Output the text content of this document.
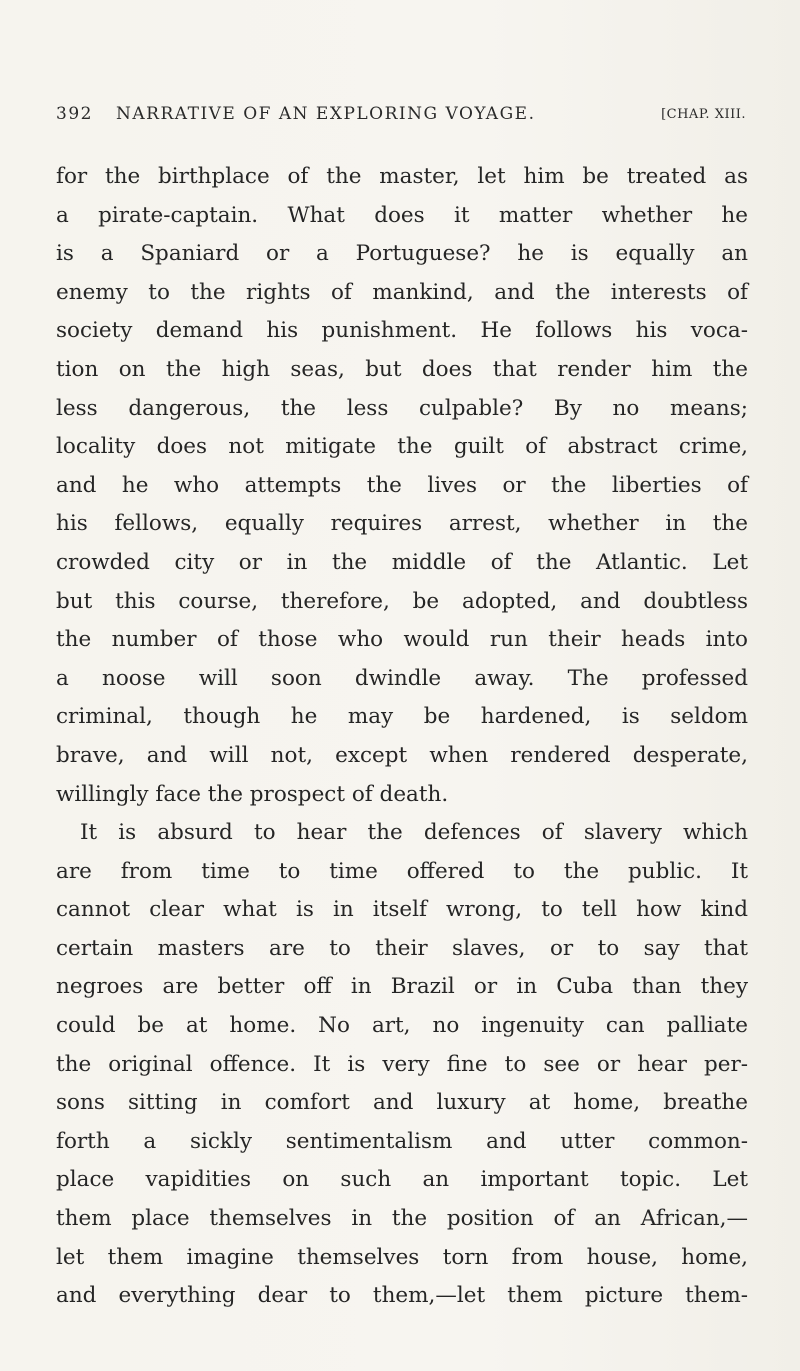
392 NARRATIVE OF AN EXPLORING VOYAGE.	[CHAP. XIII.
for the birthplace of the master, let him be treated as
a pirate-captain. What does it matter whether he
is a Spaniard or a Portuguese? he is equally an
enemy to the rights of mankind, and the interests of
society demand his punishment. He follows his voca-
tion on the high seas, but does that render him the
less dangerous, the less culpable? By no means;
locality does not mitigate the guilt of abstract crime,
and he who attempts the lives or the liberties of
his fellows, equally requires arrest, whether in the
crowded city or in the middle of the Atlantic. Let
but this course, therefore, be adopted, and doubtless
the number of those who would run their heads into
a noose will soon dwindle away. The professed
criminal, though he may be hardened, is seldom
brave, and will not, except when rendered desperate,
willingly face the prospect of death.
It is absurd to hear the defences of slavery which
are from time to time offered to the public. It
cannot clear what is in itself wrong, to tell how kind
certain masters are to their slaves, or to say that
negroes are better off in Brazil or in Cuba than they
could be at home. No art, no ingenuity can palliate
the original offence. It is very fine to see or hear per-
sons sitting in comfort and luxury at home, breathe
forth a sickly sentimentalism and utter common-
place vapidities on such an important topic. Let
them place themselves in the position of an African,—
let them imagine themselves torn from house, home,
and everything dear to them,—let them picture them-
